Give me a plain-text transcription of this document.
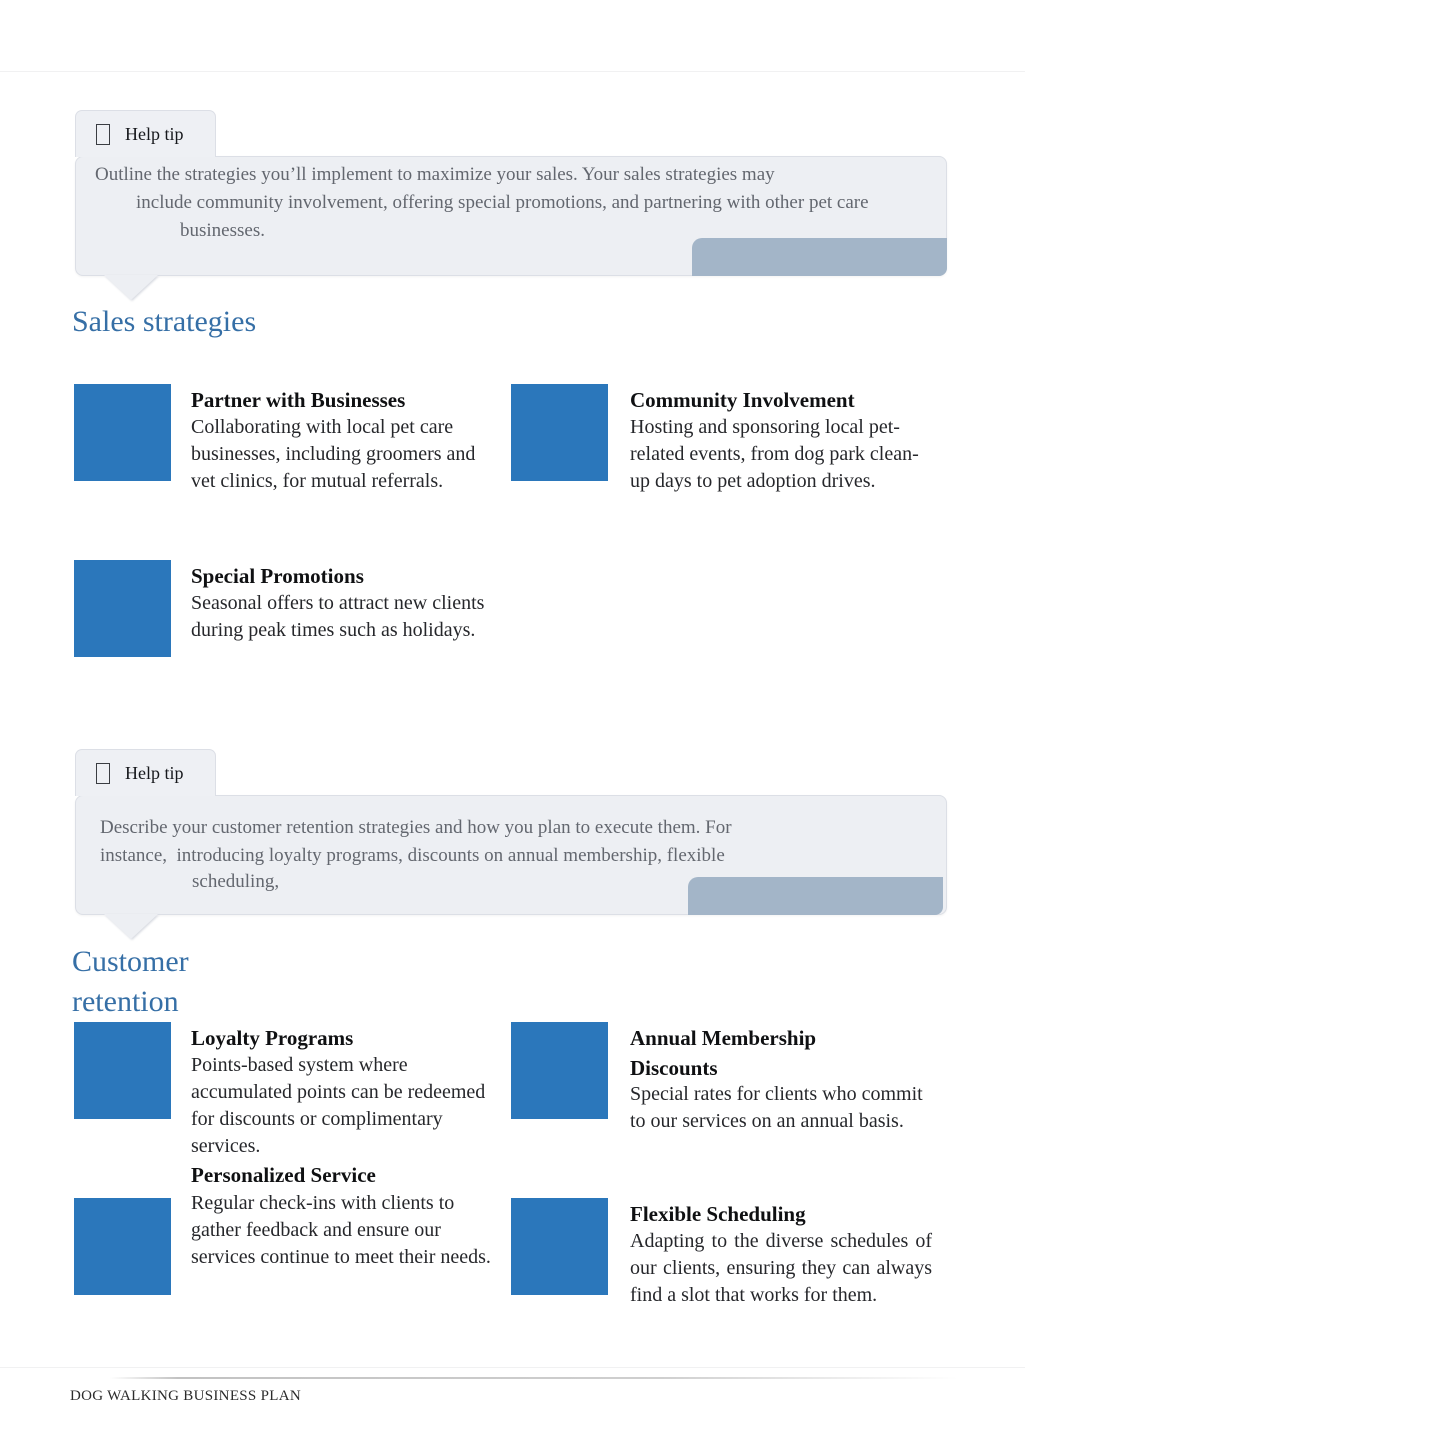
Help tip
Outline the strategies you’ll implement to maximize your sales. Your sales strategies may
include community involvement, offering special promotions, and partnering with other pet care
businesses.
Sales strategies
Partner with Businesses
Collaborating with local pet care businesses, including groomers and vet clinics, for mutual referrals.
Community Involvement
Hosting and sponsoring local pet- related events, from dog park clean-up days to pet adoption drives.
Special Promotions
Seasonal offers to attract new clients during peak times such as holidays.
Help tip
Describe your customer retention strategies and how you plan to execute them. For
instance,  introducing loyalty programs, discounts on annual membership, flexible
scheduling,
Customer retention
Loyalty Programs
Points-based system where accumulated points can be redeemed for discounts or complimentary services.
Annual Membership Discounts
Special rates for clients who commit to our services on an annual basis.
Personalized Service
Regular check-ins with clients to gather feedback and ensure our services continue to meet their needs.
Flexible Scheduling
Adapting to the diverse schedules of our clients, ensuring they can always find a slot that works for them.
DOG WALKING BUSINESS PLAN
